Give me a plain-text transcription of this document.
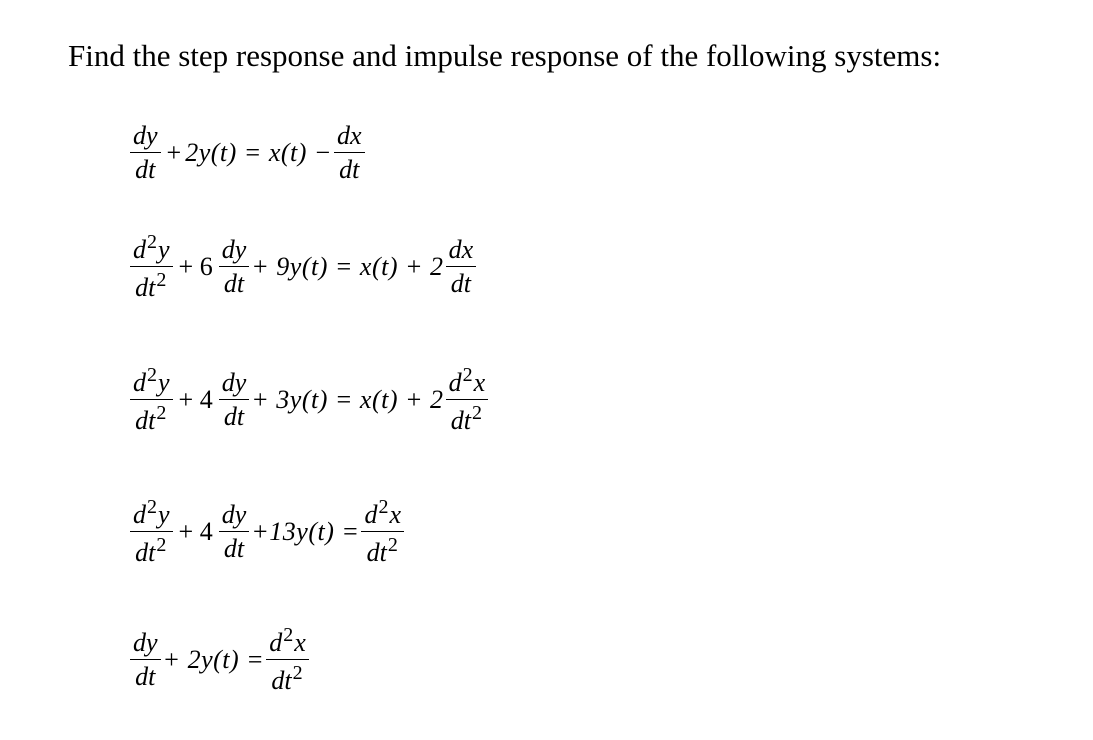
Find the step response and impulse response of the following systems:
$\frac{dy}{dt} + 2y(t) = x(t) - \frac{dx}{dt}$
$\frac{d^2y}{dt^2} + 6 \frac{dy}{dt} + 9y(t) = x(t) + 2 \frac{dx}{dt}$
$\frac{d^2y}{dt^2} + 4 \frac{dy}{dt} + 3y(t) = x(t) + 2 \frac{d^2x}{dt^2}$
$\frac{d^2y}{dt^2} + 4 \frac{dy}{dt} +13y(t) = \frac{d^2x}{dt^2}$
$\frac{dy}{dt} + 2y(t) = \frac{d^2x}{dt^2}$
